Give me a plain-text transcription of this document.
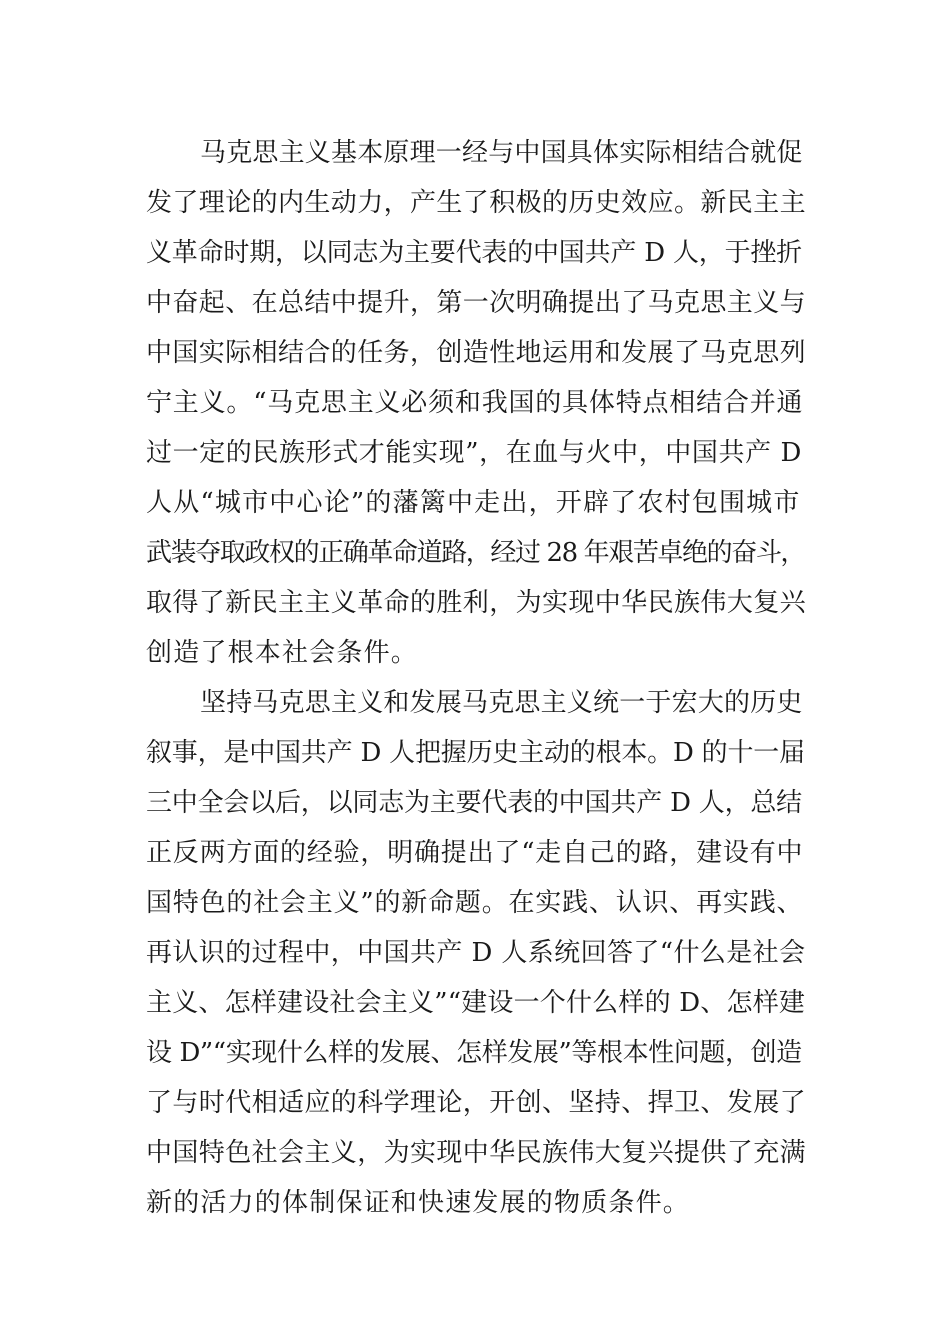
马克思主义基本原理一经与中国具体实际相结合就促
发了理论的内生动力，产生了积极的历史效应。新民主主
义革命时期，以同志为主要代表的中国共产 D 人，于挫折
中奋起、在总结中提升，第一次明确提出了马克思主义与
中国实际相结合的任务，创造性地运用和发展了马克思列
宁主义。“马克思主义必须和我国的具体特点相结合并通
过一定的民族形式才能实现”，在血与火中，中国共产 D
人从“城市中心论”的藩篱中走出，开辟了农村包围城市
武装夺取政权的正确革命道路，经过 28 年艰苦卓绝的奋斗，
取得了新民主主义革命的胜利，为实现中华民族伟大复兴
创造了根本社会条件。
坚持马克思主义和发展马克思主义统一于宏大的历史
叙事，是中国共产 D 人把握历史主动的根本。D 的十一届
三中全会以后，以同志为主要代表的中国共产 D 人，总结
正反两方面的经验，明确提出了“走自己的路，建设有中
国特色的社会主义”的新命题。在实践、认识、再实践、
再认识的过程中，中国共产 D 人系统回答了“什么是社会
主义、怎样建设社会主义”“建设一个什么样的 D、怎样建
设 D”“实现什么样的发展、怎样发展”等根本性问题，创造
了与时代相适应的科学理论，开创、坚持、捍卫、发展了
中国特色社会主义，为实现中华民族伟大复兴提供了充满
新的活力的体制保证和快速发展的物质条件。
